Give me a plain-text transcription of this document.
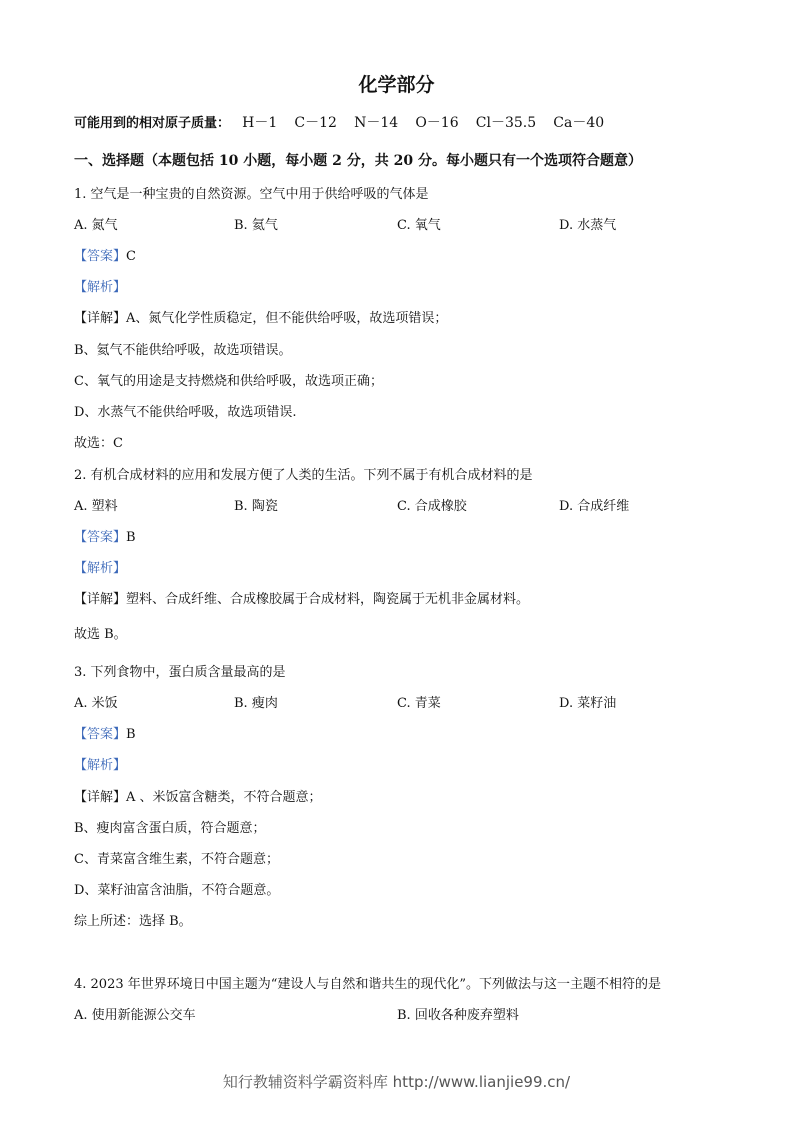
化学部分
可能用到的相对原子质量： H－1 C－12 N－14 O－16 Cl－35.5 Ca－40
一、选择题（本题包括 10 小题，每小题 2 分，共 20 分。每小题只有一个选项符合题意）
1. 空气是一种宝贵的自然资源。空气中用于供给呼吸的气体是
A. 氮气	B. 氦气	C. 氧气	D. 水蒸气
【答案】C
【解析】
【详解】A、氮气化学性质稳定，但不能供给呼吸，故选项错误；
B、氦气不能供给呼吸，故选项错误。
C、氧气的用途是支持燃烧和供给呼吸，故选项正确；
D、水蒸气不能供给呼吸，故选项错误.
故选：C
2. 有机合成材料的应用和发展方便了人类的生活。下列不属于有机合成材料的是
A. 塑料	B. 陶瓷	C. 合成橡胶	D. 合成纤维
【答案】B
【解析】
【详解】塑料、合成纤维、合成橡胶属于合成材料，陶瓷属于无机非金属材料。
故选 B。
3. 下列食物中，蛋白质含量最高的是
A. 米饭	B. 瘦肉	C. 青菜	D. 菜籽油
【答案】B
【解析】
【详解】A 、米饭富含糖类，不符合题意；
B、瘦肉富含蛋白质，符合题意；
C、青菜富含维生素，不符合题意；
D、菜籽油富含油脂，不符合题意。
综上所述：选择 B。
4. 2023 年世界环境日中国主题为“建设人与自然和谐共生的现代化”。下列做法与这一主题不相符的是
A. 使用新能源公交车	B. 回收各种废弃塑料
知行教辅资料学霸资料库 http://www.lianjie99.cn/
